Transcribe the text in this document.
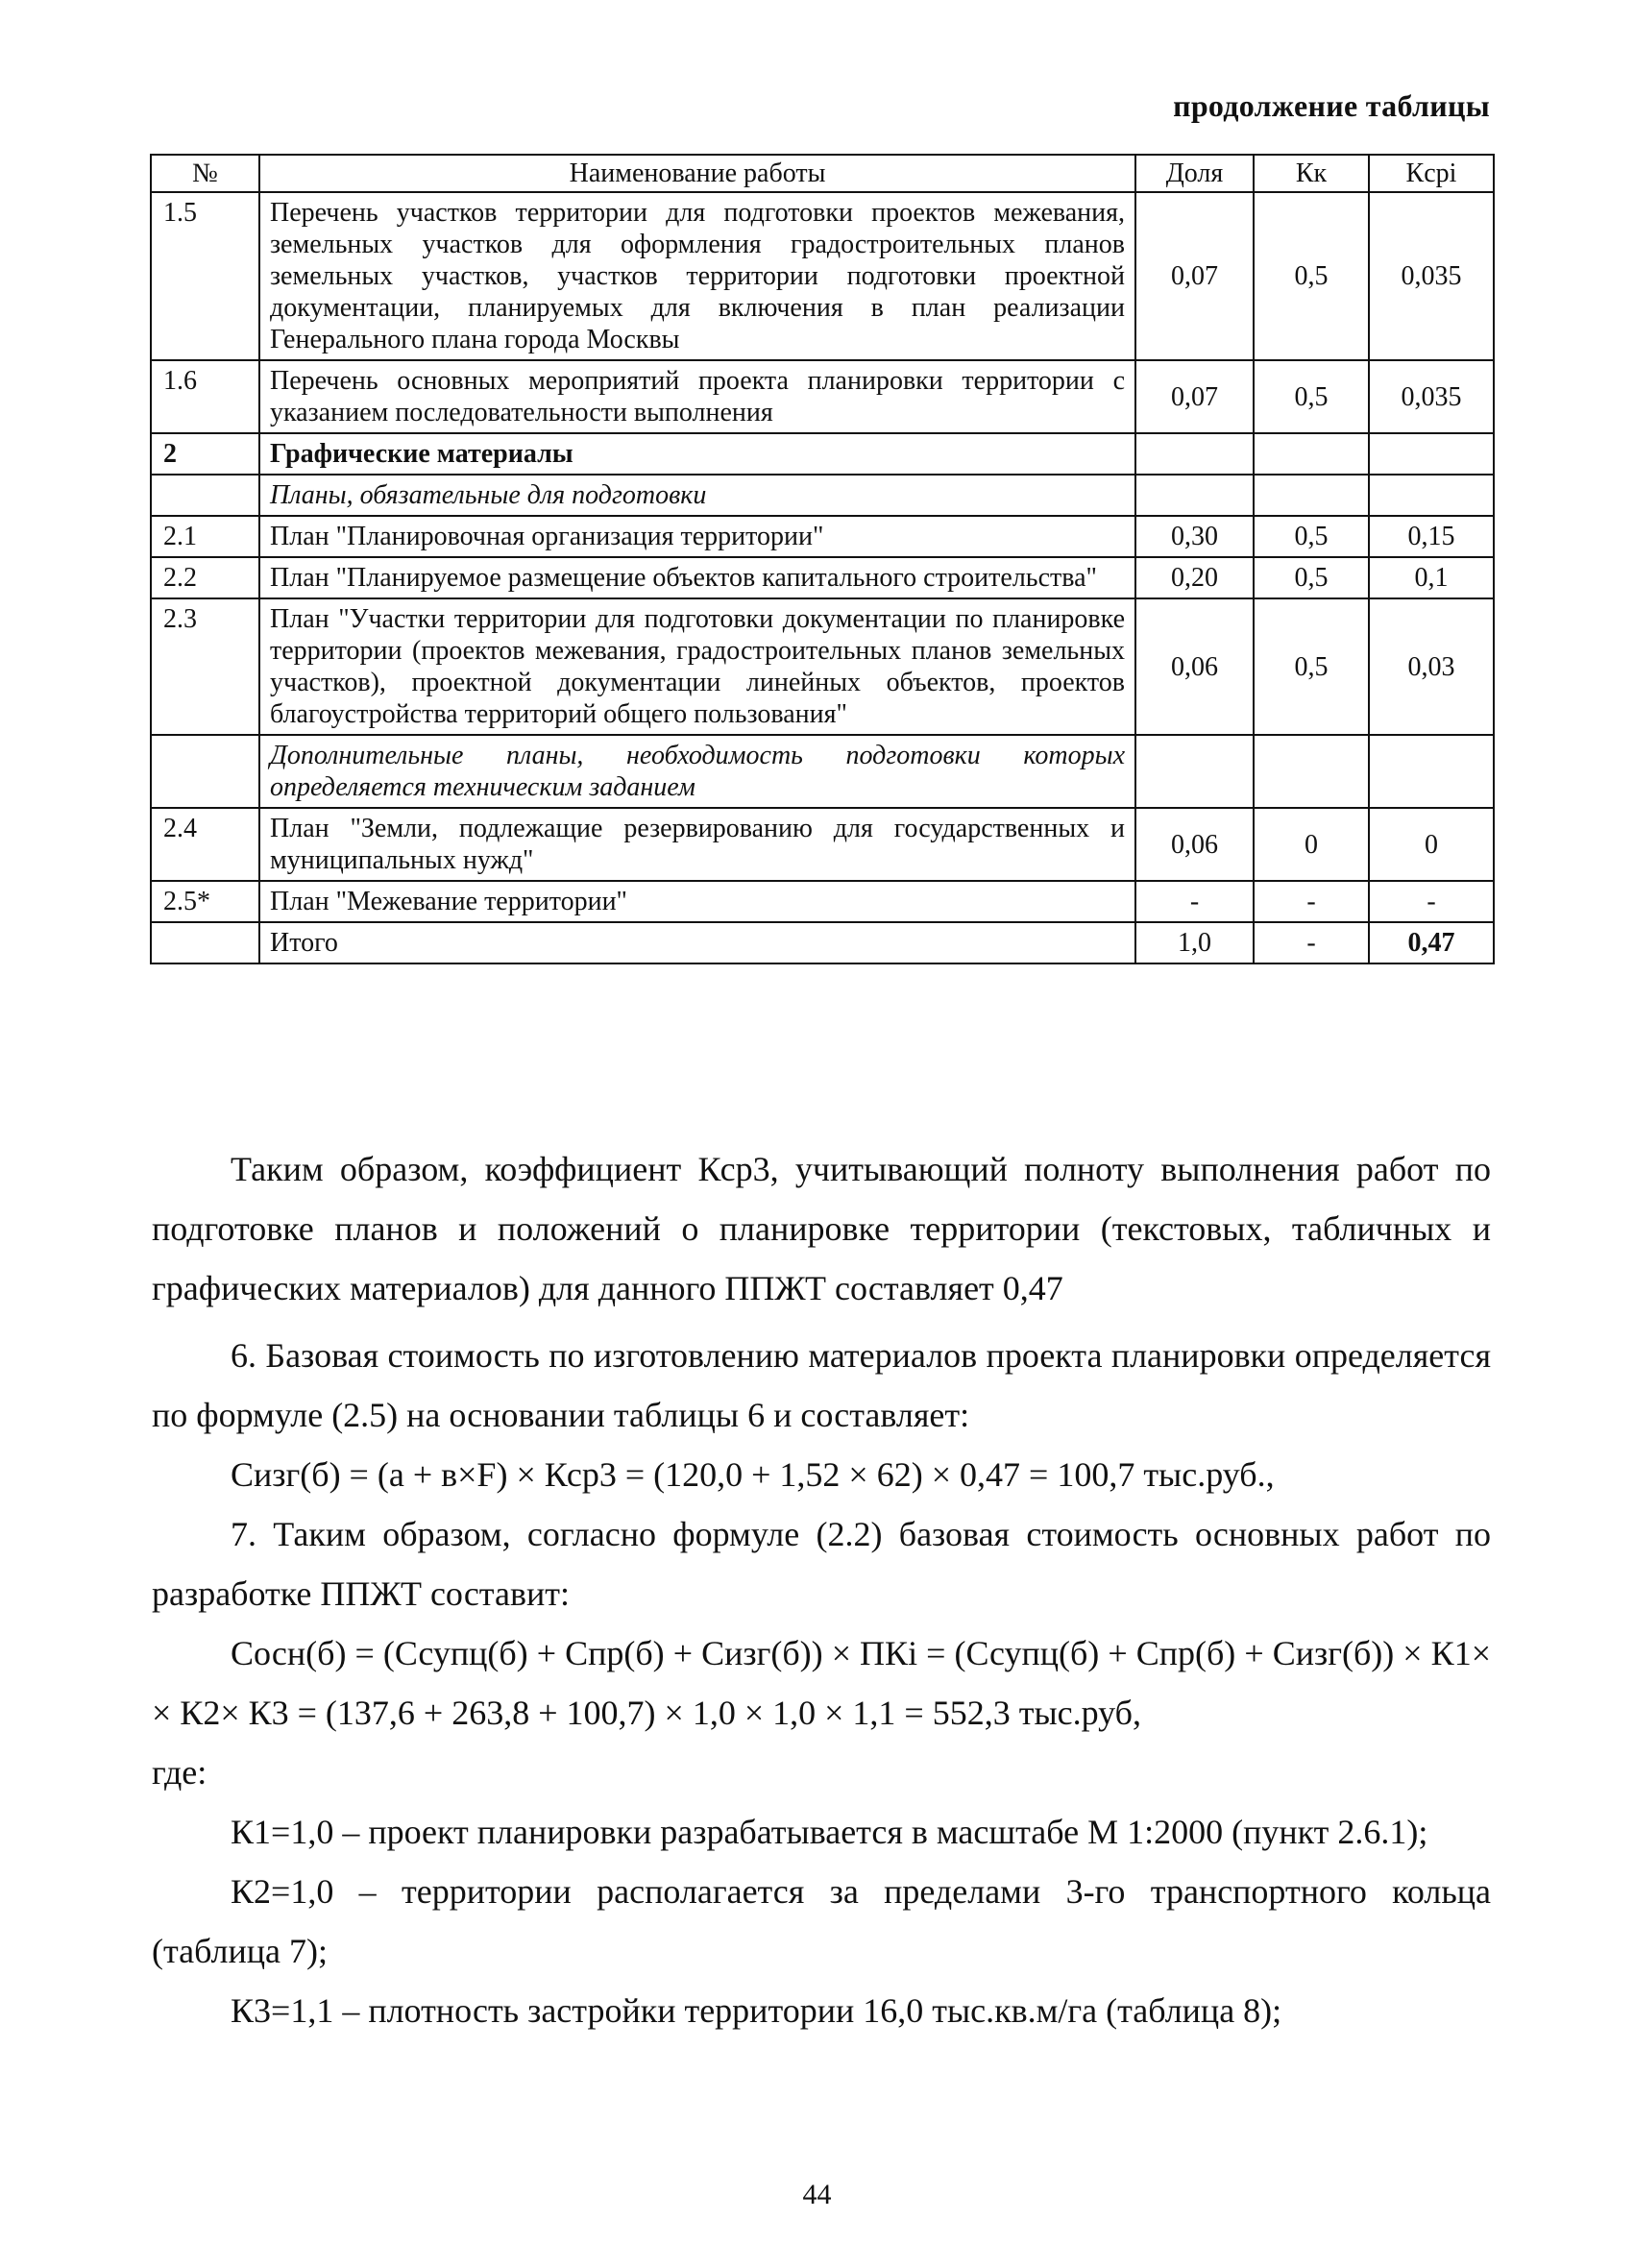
продолжение таблицы
№	Наименование работы	Доля	Кк	Кcpi
1.5	Перечень участков территории для подготовки проектов межевания, земельных участков для оформления градостроительных планов земельных участков, участков территории подготовки проектной документации, планируемых для включения в план реализации Генерального плана города Москвы	0,07	0,5	0,035
1.6	Перечень основных мероприятий проекта планировки территории с указанием последовательности выполнения	0,07	0,5	0,035
2	Графические материалы			
	Планы, обязательные для подготовки			
2.1	План "Планировочная организация территории"	0,30	0,5	0,15
2.2	План "Планируемое размещение объектов капитального строительства"	0,20	0,5	0,1
2.3	План "Участки территории для подготовки документации по планировке территории (проектов межевания, градостроительных планов земельных участков), проектной документации линейных объектов, проектов благоустройства территорий общего пользования"	0,06	0,5	0,03
	Дополнительные планы, необходимость подготовки которых определяется техническим заданием			
2.4	План "Земли, подлежащие резервированию для государственных и муниципальных нужд"	0,06	0	0
2.5*	План "Межевание территории"	-	-	-
	Итого	1,0	-	0,47

Таким образом, коэффициент Кср3, учитывающий полноту выполнения работ по подготовке планов и положений о планировке территории (текстовых, табличных и графических материалов) для данного ППЖТ составляет 0,47

6. Базовая стоимость по изготовлению материалов проекта планировки определяется по формуле (2.5) на основании таблицы 6 и составляет:

Сизг(б) = (а + в×F) × Кср3 = (120,0 + 1,52 × 62) × 0,47 = 100,7 тыс.руб.,

7. Таким образом, согласно формуле (2.2) базовая стоимость основных работ по разработке ППЖТ составит:

Сосн(б) = (Ссупц(б) + Спр(б) + Сизг(б)) × ПКi = (Ссупц(б) + Спр(б) + Сизг(б)) × К1× × К2× К3 = (137,6 + 263,8 + 100,7) × 1,0 × 1,0 × 1,1 = 552,3 тыс.руб,

где:

К1=1,0 – проект планировки разрабатывается в масштабе М 1:2000 (пункт 2.6.1);

К2=1,0 – территории располагается за пределами 3-го транспортного кольца (таблица 7);

К3=1,1 – плотность застройки территории 16,0 тыс.кв.м/га (таблица 8);

44
